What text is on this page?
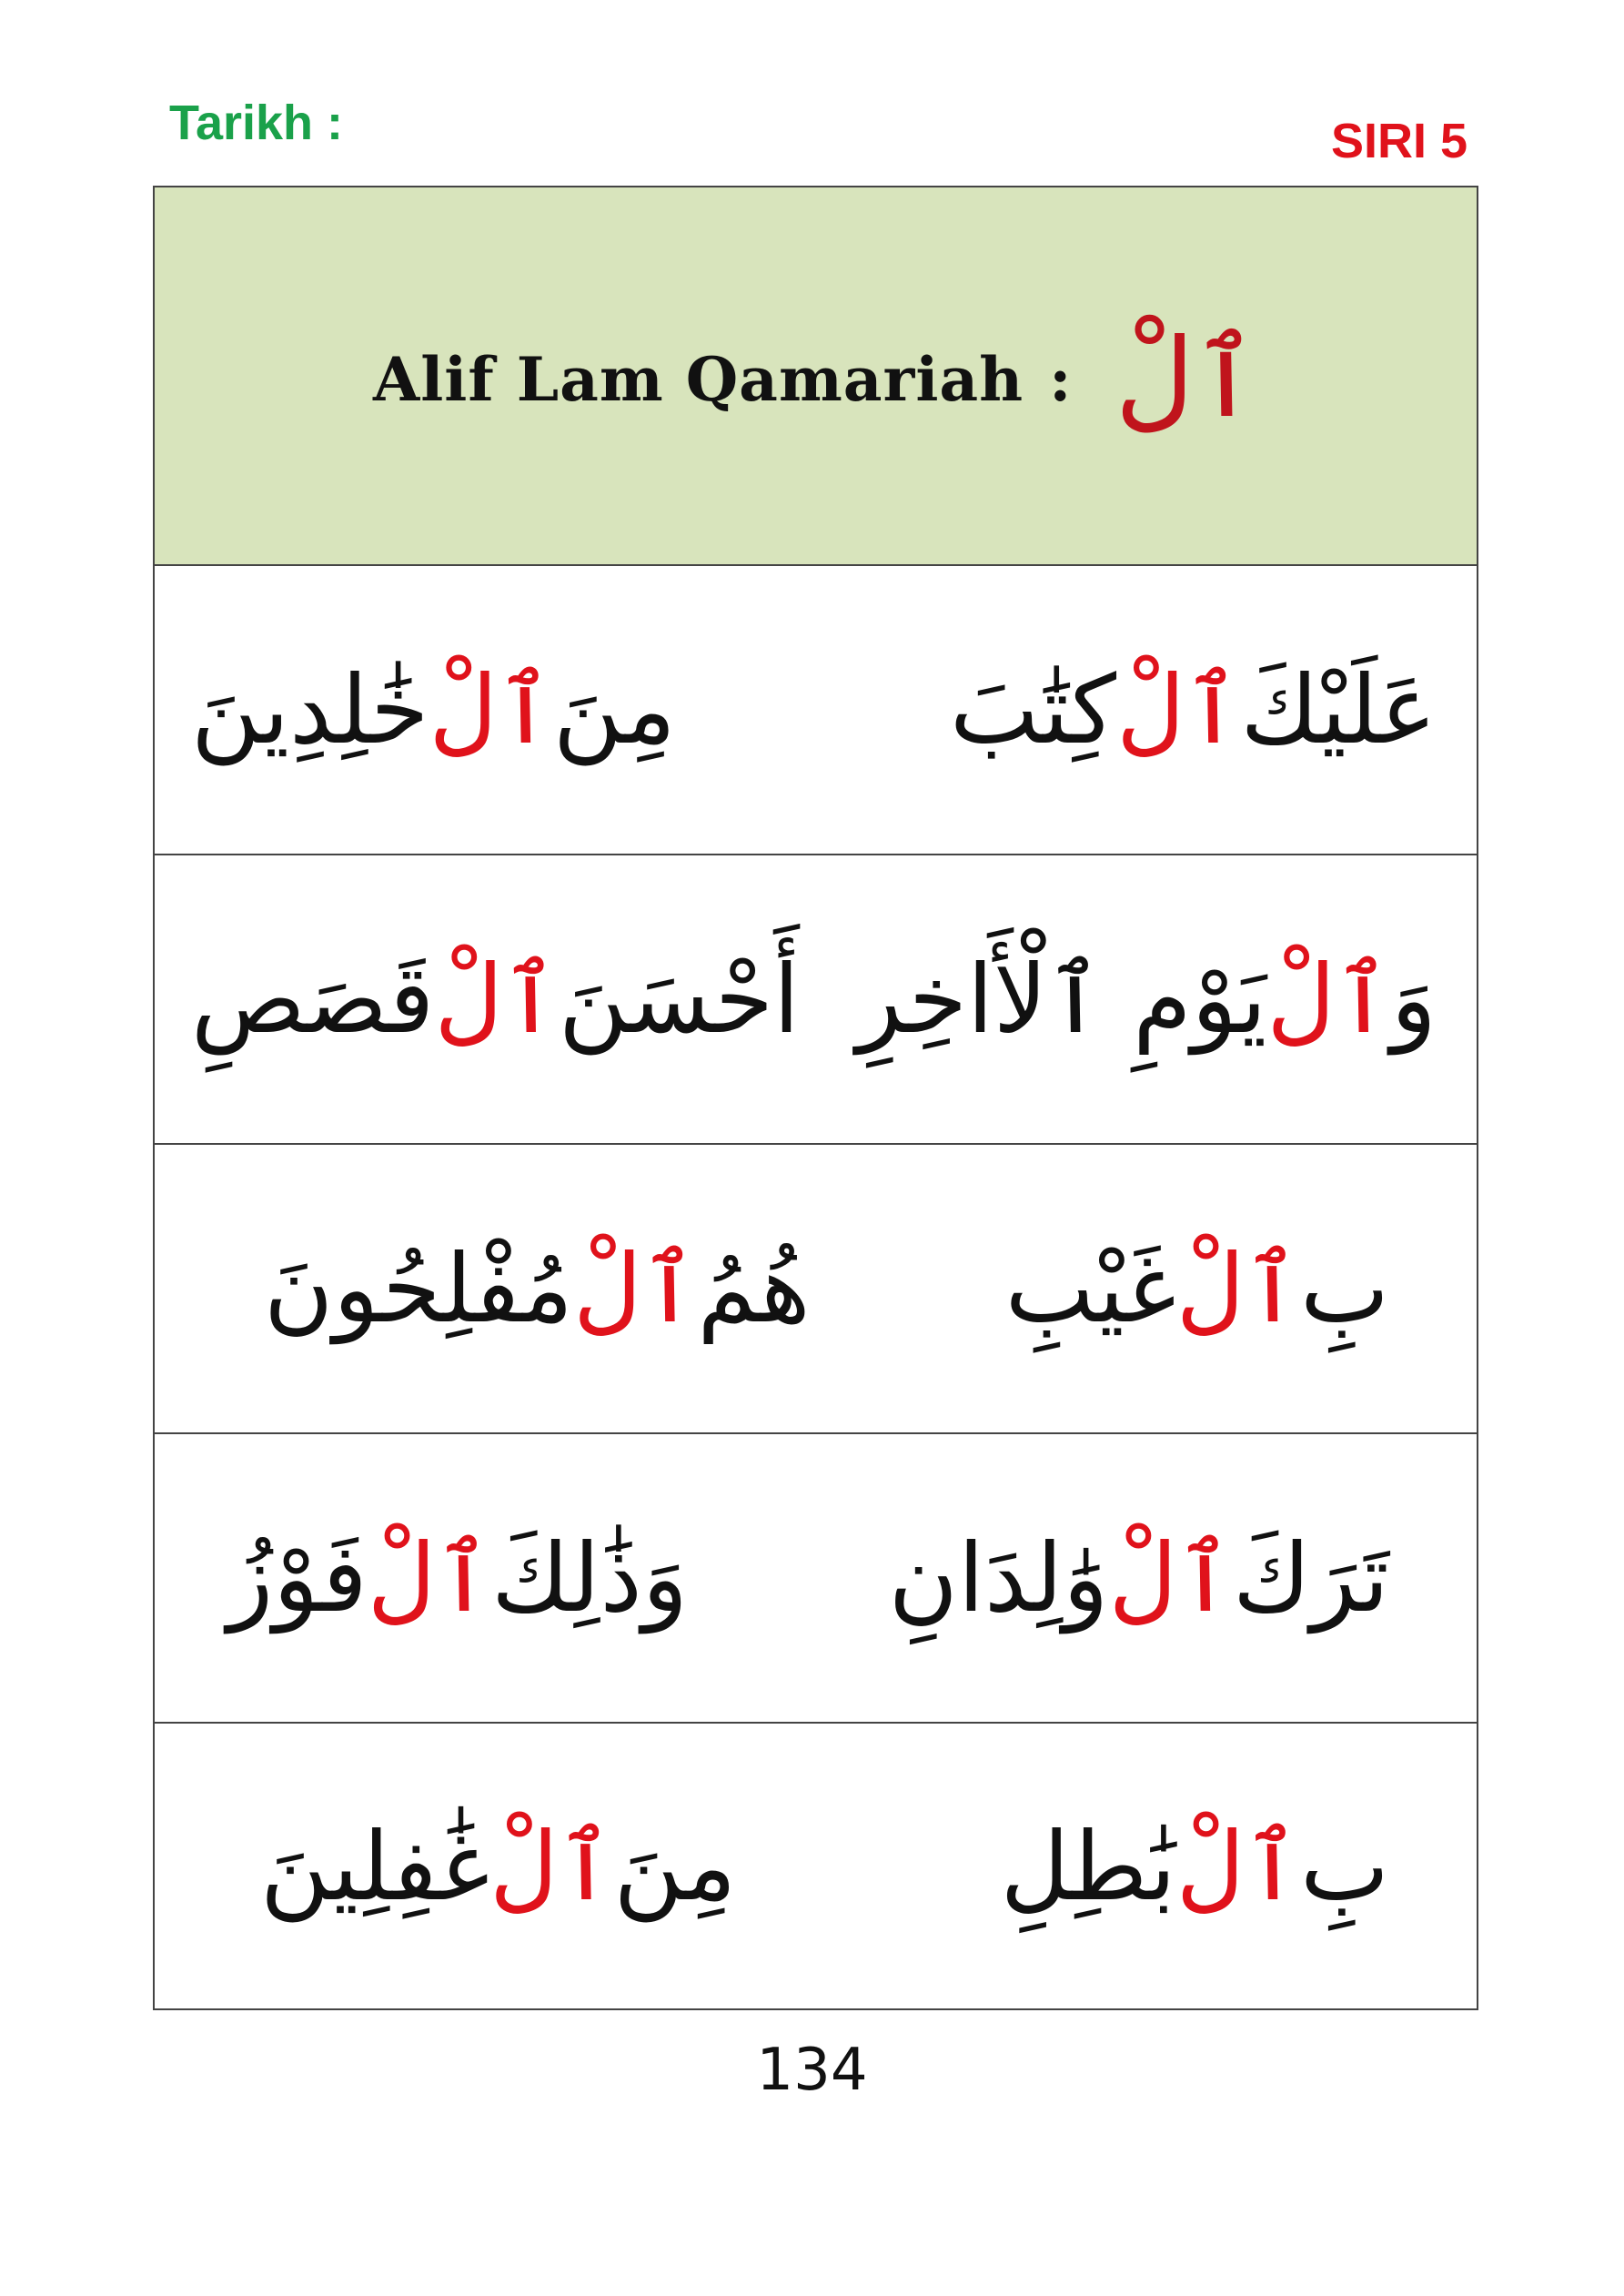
Tarikh :	SIRI 5
Alif Lam Qamariah : ٱلْ
عَلَيْكَ
ٱلْ
كِتَٰبَ
مِنَ
ٱلْ
خَٰلِدِينَ
وَ
ٱلْ
يَوْمِ ٱلْأَاخِرِ
أَحْسَنَ
ٱلْ
قَصَصِ
بِ
ٱلْ
غَيْبِ
هُمُ
ٱلْ
مُفْلِحُونَ
تَرَكَ
ٱلْ
وَٰلِدَانِ
وَذَٰلِكَ
ٱلْ
فَوْزُ
بِ
ٱلْ
بَٰطِلِ
مِنَ
ٱلْ
غَٰفِلِينَ
134
